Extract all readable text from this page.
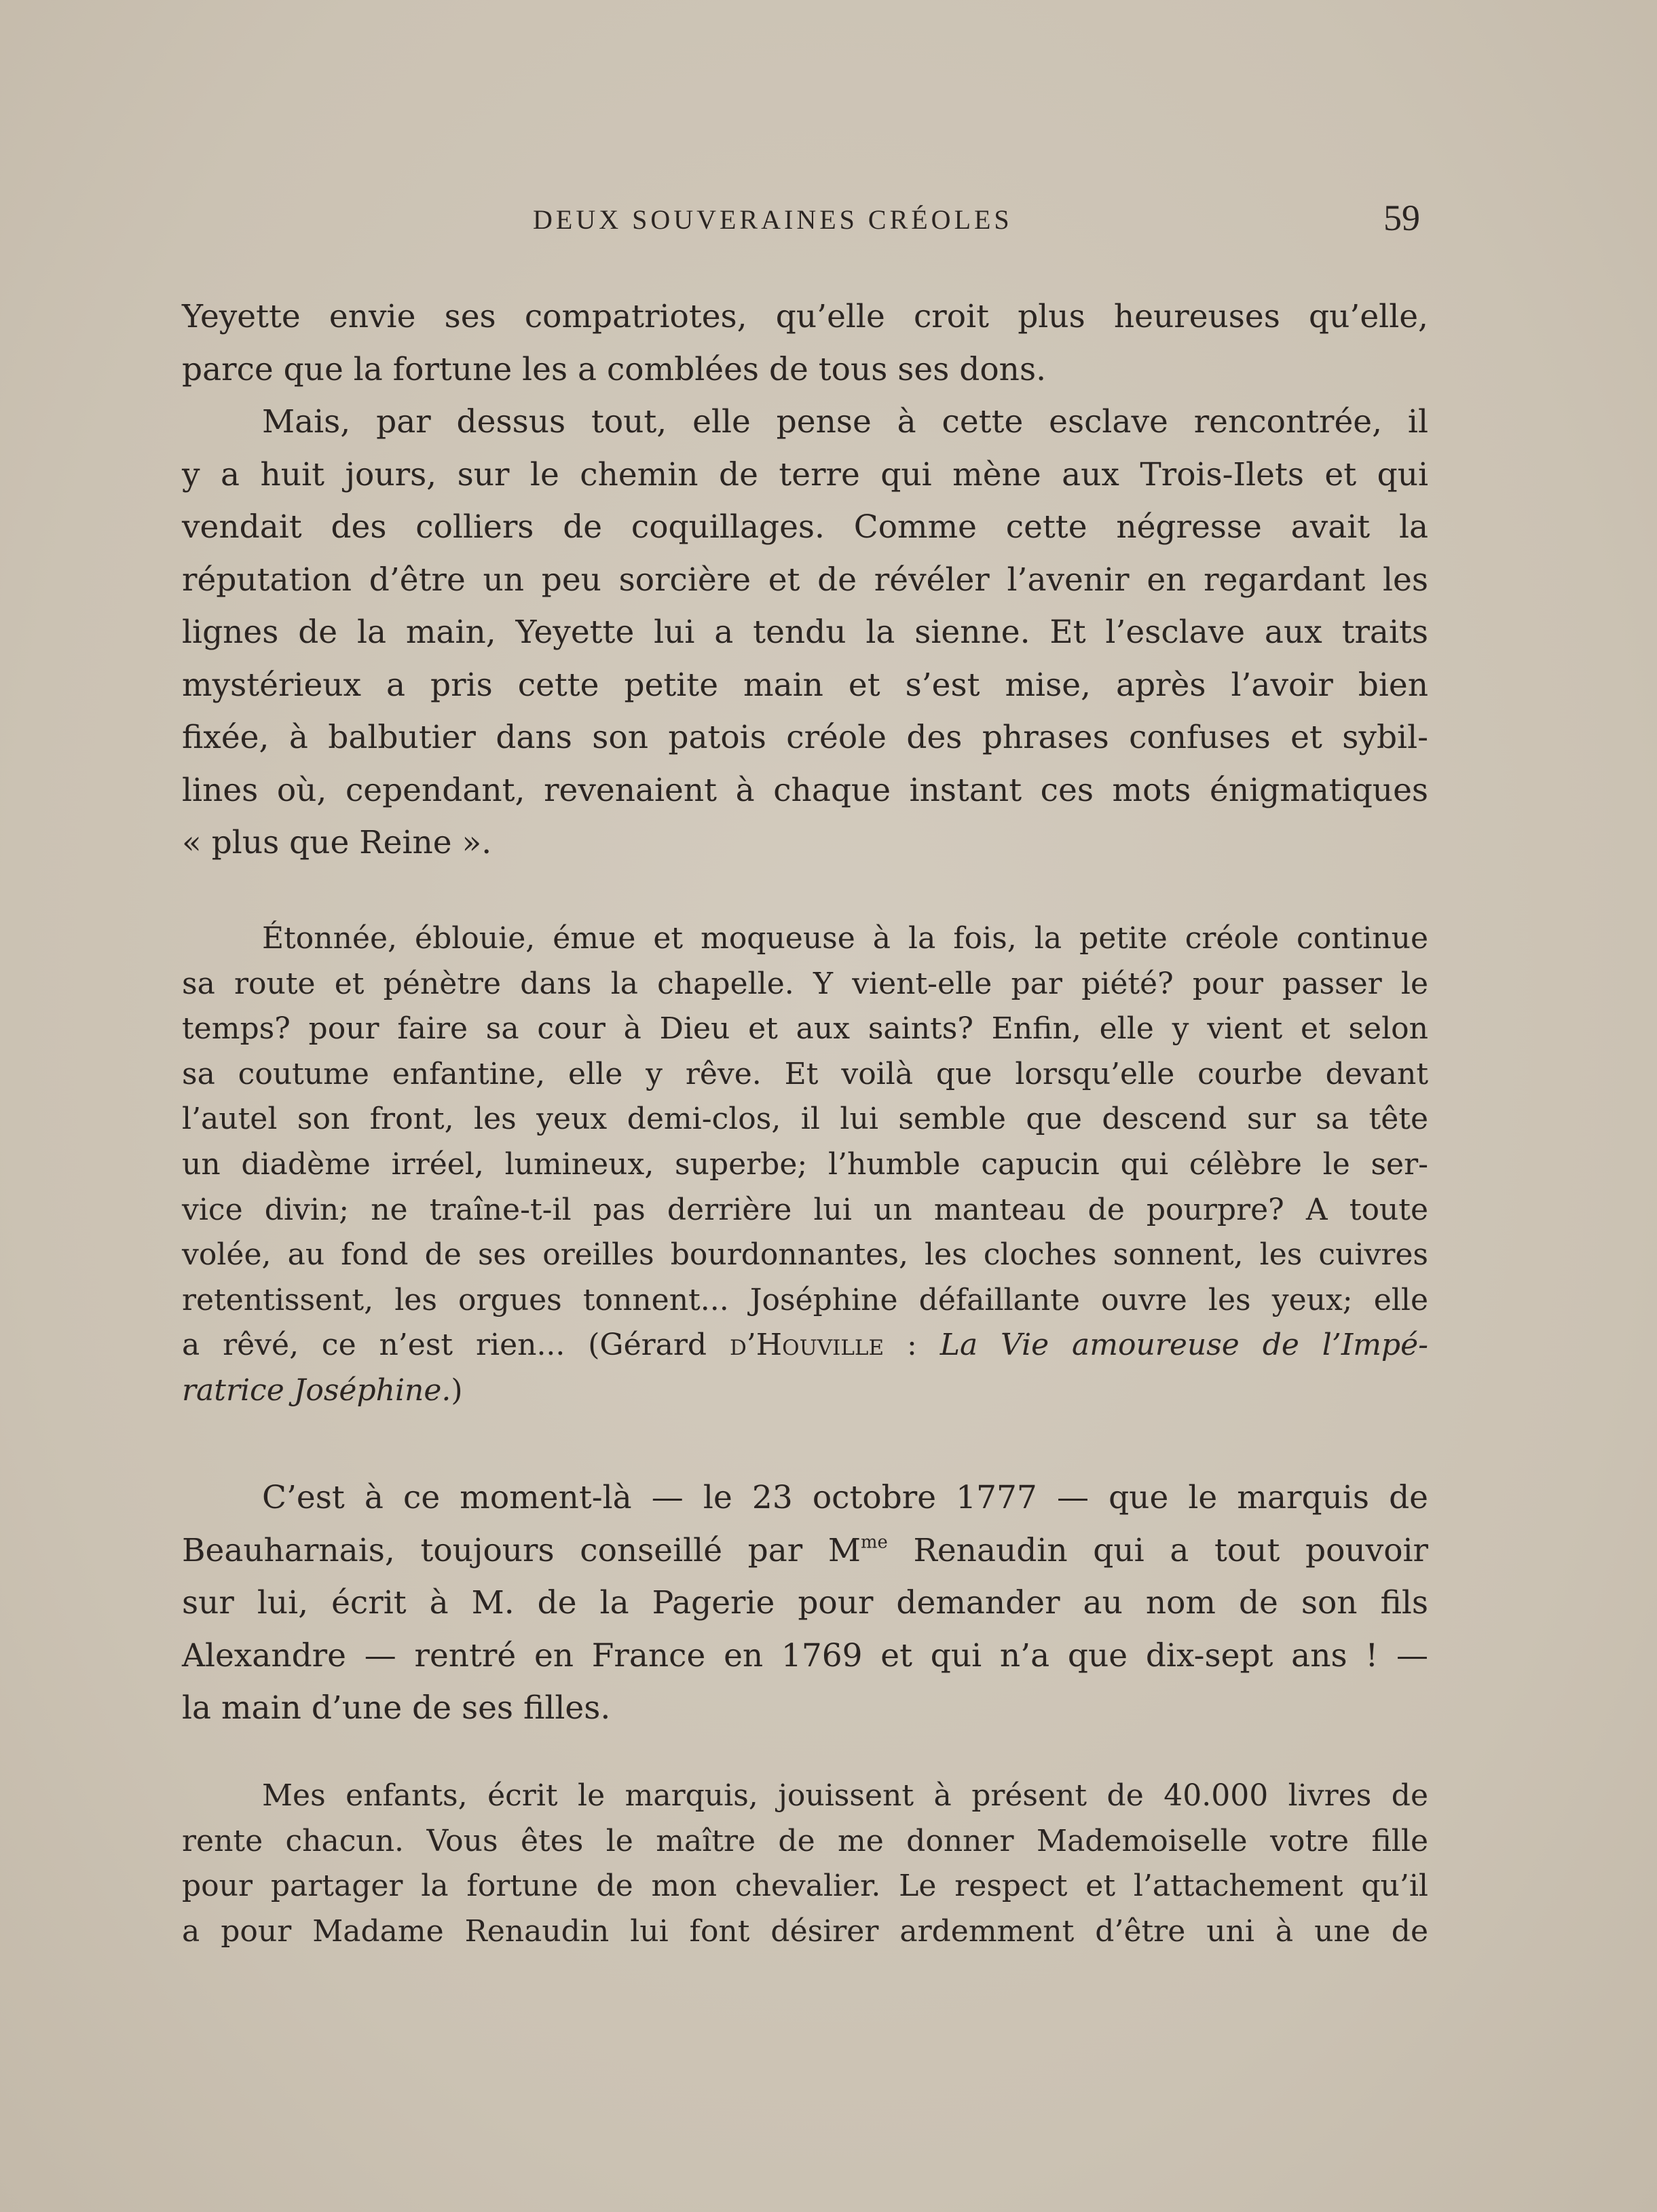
DEUX SOUVERAINES CRÉOLES	59
Yeyette envie ses compatriotes, qu’elle croit plus heureuses qu’elle,
parce que la fortune les a comblées de tous ses dons.
Mais, par dessus tout, elle pense à cette esclave rencontrée, il
y a huit jours, sur le chemin de terre qui mène aux Trois-Ilets et qui
vendait des colliers de coquillages. Comme cette négresse avait la
réputation d’être un peu sorcière et de révéler l’avenir en regardant les
lignes de la main, Yeyette lui a tendu la sienne. Et l’esclave aux traits
mystérieux a pris cette petite main et s’est mise, après l’avoir bien
fixée, à balbutier dans son patois créole des phrases confuses et sybil-
lines où, cependant, revenaient à chaque instant ces mots énigmatiques
« plus que Reine ».
Étonnée, éblouie, émue et moqueuse à la fois, la petite créole continue
sa route et pénètre dans la chapelle. Y vient-elle par piété? pour passer le
temps? pour faire sa cour à Dieu et aux saints? Enfin, elle y vient et selon
sa coutume enfantine, elle y rêve. Et voilà que lorsqu’elle courbe devant
l’autel son front, les yeux demi-clos, il lui semble que descend sur sa tête
un diadème irréel, lumineux, superbe; l’humble capucin qui célèbre le ser-
vice divin; ne traîne-t-il pas derrière lui un manteau de pourpre? A toute
volée, au fond de ses oreilles bourdonnantes, les cloches sonnent, les cuivres
retentissent, les orgues tonnent... Joséphine défaillante ouvre les yeux; elle
a rêvé, ce n’est rien... (Gérard d’Houville : La Vie amoureuse de l’Impé-
ratrice Joséphine.)
C’est à ce moment-là — le 23 octobre 1777 — que le marquis de
Beauharnais, toujours conseillé par $M^{me}$ Renaudin qui a tout pouvoir
sur lui, écrit à M. de la Pagerie pour demander au nom de son fils
Alexandre — rentré en France en 1769 et qui n’a que dix-sept ans ! —
la main d’une de ses filles.
Mes enfants, écrit le marquis, jouissent à présent de 40.000 livres de
rente chacun. Vous êtes le maître de me donner Mademoiselle votre fille
pour partager la fortune de mon chevalier. Le respect et l’attachement qu’il
a pour Madame Renaudin lui font désirer ardemment d’être uni à une de
